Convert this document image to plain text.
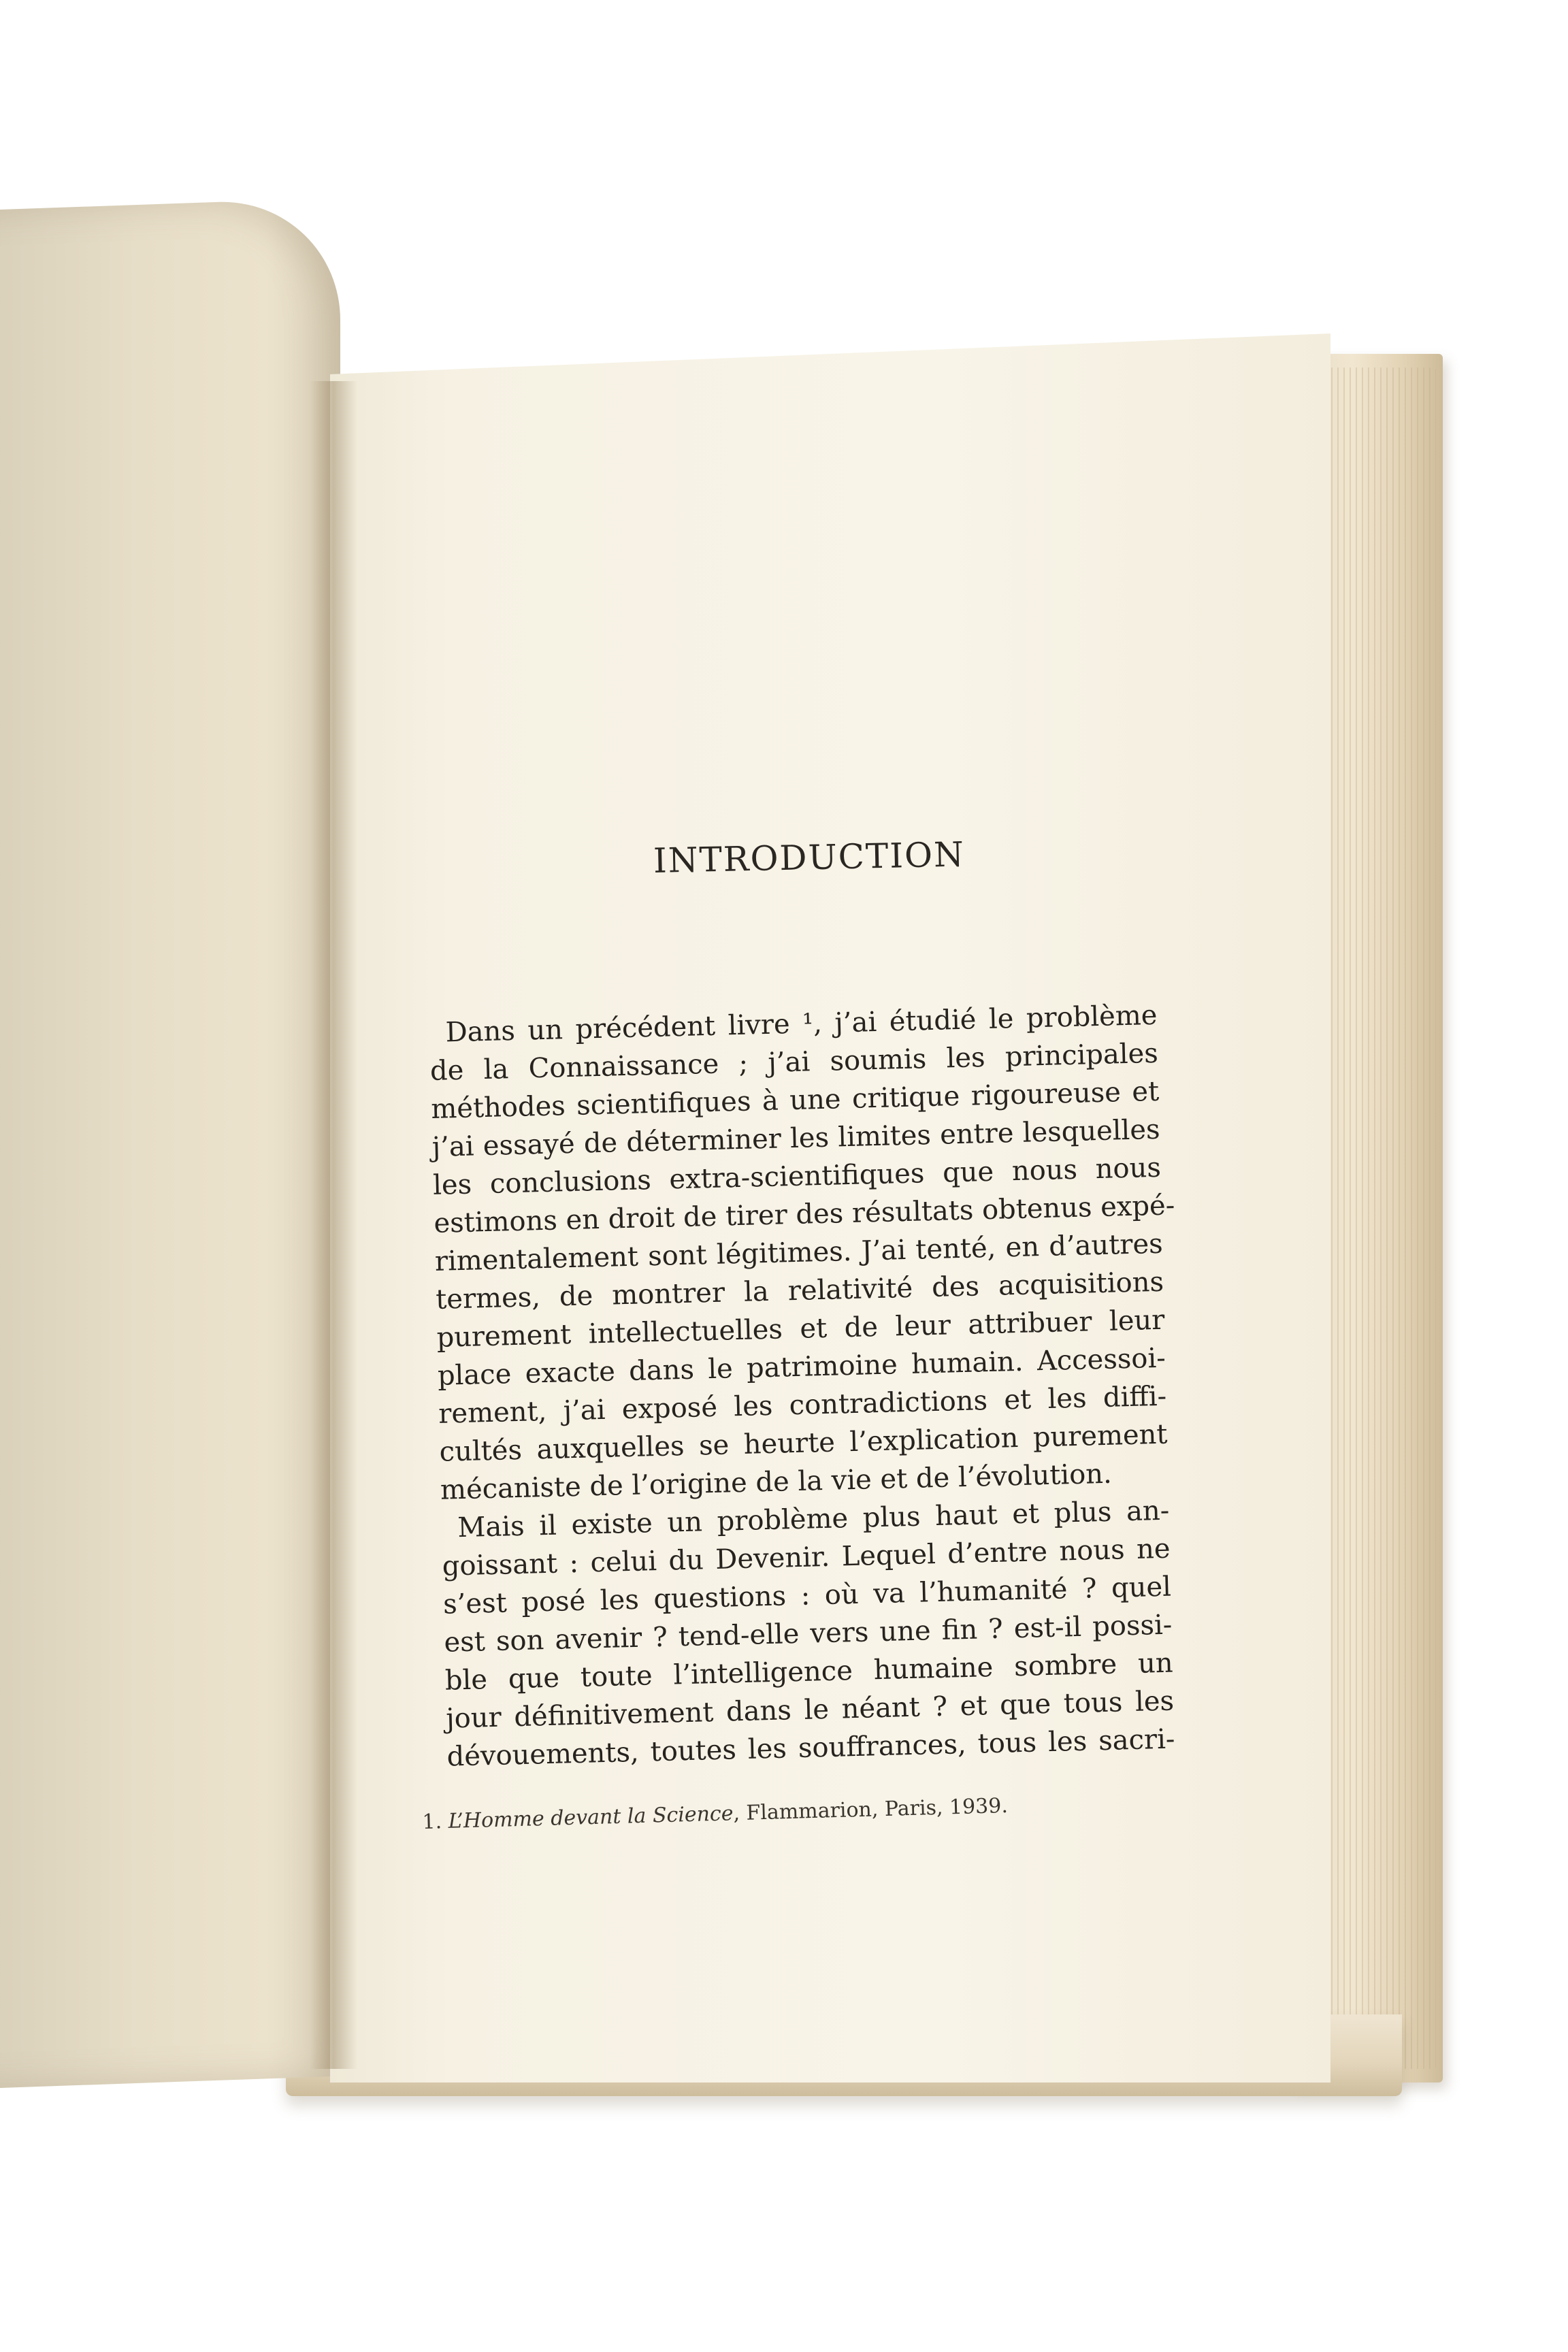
INTRODUCTION
Dans un précédent livre ¹, j’ai étudié le problème
de la Connaissance ; j’ai soumis les principales
méthodes scientifiques à une critique rigoureuse et
j’ai essayé de déterminer les limites entre lesquelles
les conclusions extra-scientifiques que nous nous
estimons en droit de tirer des résultats obtenus expé-
rimentalement sont légitimes. J’ai tenté, en d’autres
termes, de montrer la relativité des acquisitions
purement intellectuelles et de leur attribuer leur
place exacte dans le patrimoine humain. Accessoi-
rement, j’ai exposé les contradictions et les diffi-
cultés auxquelles se heurte l’explication purement
mécaniste de l’origine de la vie et de l’évolution.
Mais il existe un problème plus haut et plus an-
goissant : celui du Devenir. Lequel d’entre nous ne
s’est posé les questions : où va l’humanité ? quel
est son avenir ? tend-elle vers une fin ? est-il possi-
ble que toute l’intelligence humaine sombre un
jour définitivement dans le néant ? et que tous les
dévouements, toutes les souffrances, tous les sacri-
1. L’Homme devant la Science, Flammarion, Paris, 1939.
